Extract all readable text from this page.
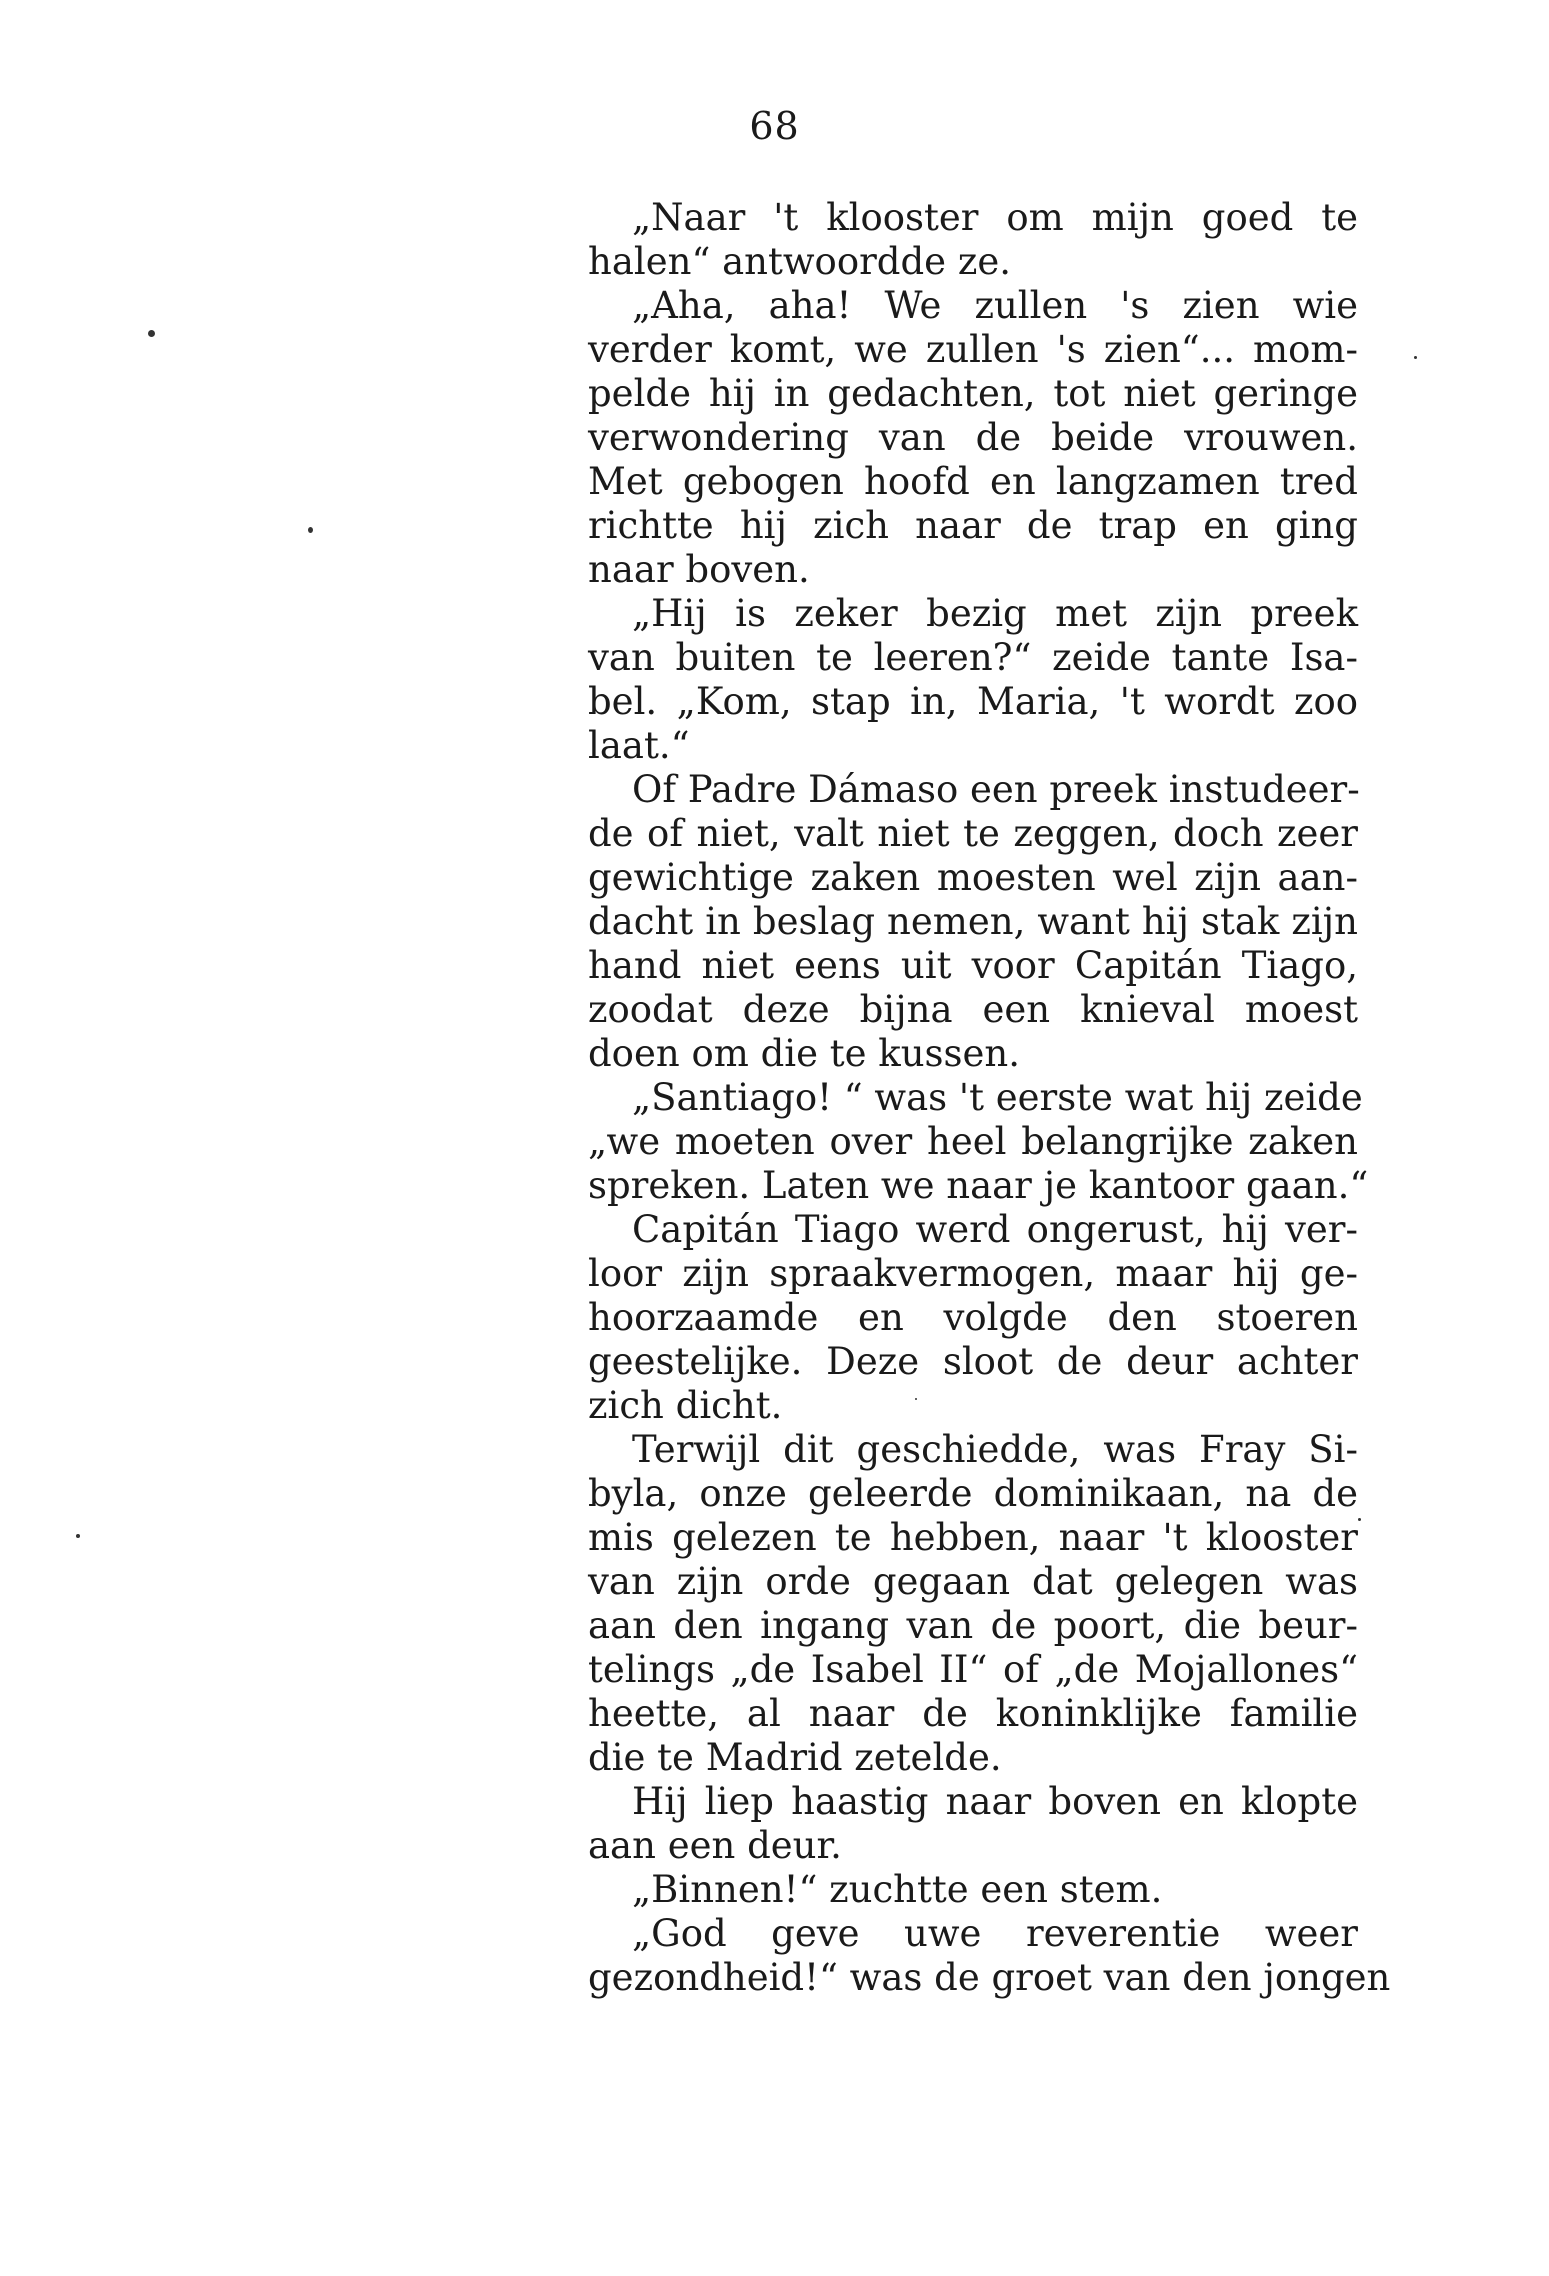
68
„Naar 't klooster om mijn goed te
halen“ antwoordde ze.
„Aha, aha! We zullen 's zien wie
verder komt, we zullen 's zien“... mom-
pelde hij in gedachten, tot niet geringe
verwondering van de beide vrouwen.
Met gebogen hoofd en langzamen tred
richtte hij zich naar de trap en ging
naar boven.
„Hij is zeker bezig met zijn preek
van buiten te leeren?“ zeide tante Isa-
bel. „Kom, stap in, Maria, 't wordt zoo
laat.“
Of Padre Dámaso een preek instudeer-
de of niet, valt niet te zeggen, doch zeer
gewichtige zaken moesten wel zijn aan-
dacht in beslag nemen, want hij stak zijn
hand niet eens uit voor Capitán Tiago,
zoodat deze bijna een knieval moest
doen om die te kussen.
„Santiago! “ was 't eerste wat hij zeide
„we moeten over heel belangrijke zaken
spreken. Laten we naar je kantoor gaan.“
Capitán Tiago werd ongerust, hij ver-
loor zijn spraakvermogen, maar hij ge-
hoorzaamde en volgde den stoeren
geestelijke. Deze sloot de deur achter
zich dicht.
Terwijl dit geschiedde, was Fray Si-
byla, onze geleerde dominikaan, na de
mis gelezen te hebben, naar 't klooster
van zijn orde gegaan dat gelegen was
aan den ingang van de poort, die beur-
telings „de Isabel II“ of „de Mojallones“
heette, al naar de koninklijke familie
die te Madrid zetelde.
Hij liep haastig naar boven en klopte
aan een deur.
„Binnen!“ zuchtte een stem.
„God geve uwe reverentie weer
gezondheid!“ was de groet van den jongen
